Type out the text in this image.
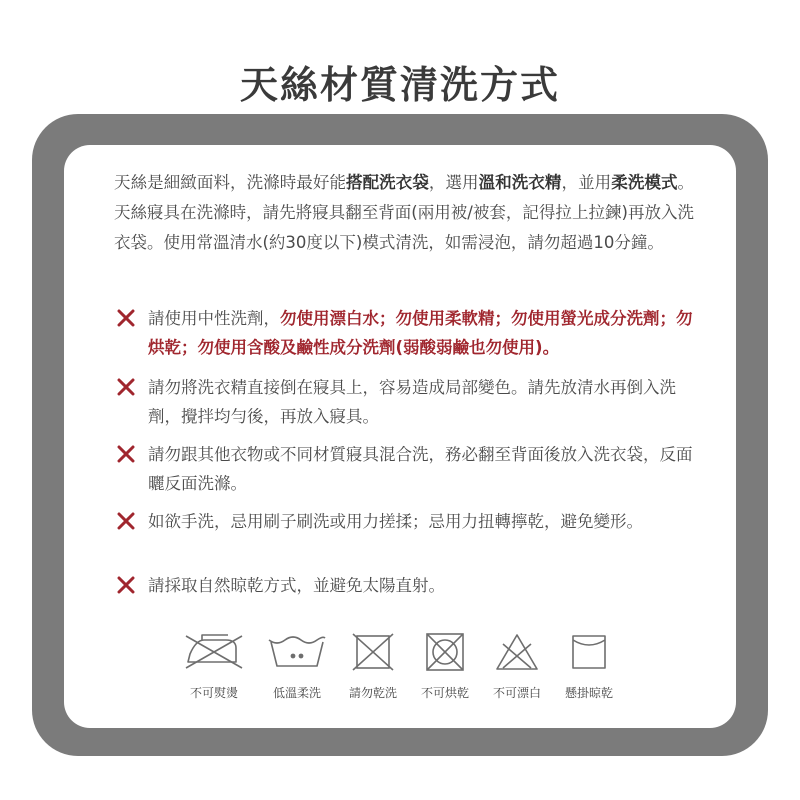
天絲材質清洗方式
天絲是細緻面料，洗滌時最好能搭配洗衣袋，選用溫和洗衣精，並用柔洗模式。天絲寢具在洗滌時，請先將寢具翻至背面(兩用被/被套，記得拉上拉鍊)再放入洗衣袋。使用常溫清水(約30度以下)模式清洗，如需浸泡，請勿超過10分鐘。
請使用中性洗劑，勿使用漂白水；勿使用柔軟精；勿使用螢光成分洗劑；勿烘乾；勿使用含酸及鹼性成分洗劑(弱酸弱鹼也勿使用)。
請勿將洗衣精直接倒在寢具上，容易造成局部變色。請先放清水再倒入洗劑，攪拌均勻後，再放入寢具。
請勿跟其他衣物或不同材質寢具混合洗，務必翻至背面後放入洗衣袋，反面曬反面洗滌。
如欲手洗，忌用刷子刷洗或用力搓揉；忌用力扭轉擰乾，避免變形。
請採取自然晾乾方式，並避免太陽直射。
不可熨燙	低溫柔洗	請勿乾洗	不可烘乾	不可漂白	懸掛晾乾
